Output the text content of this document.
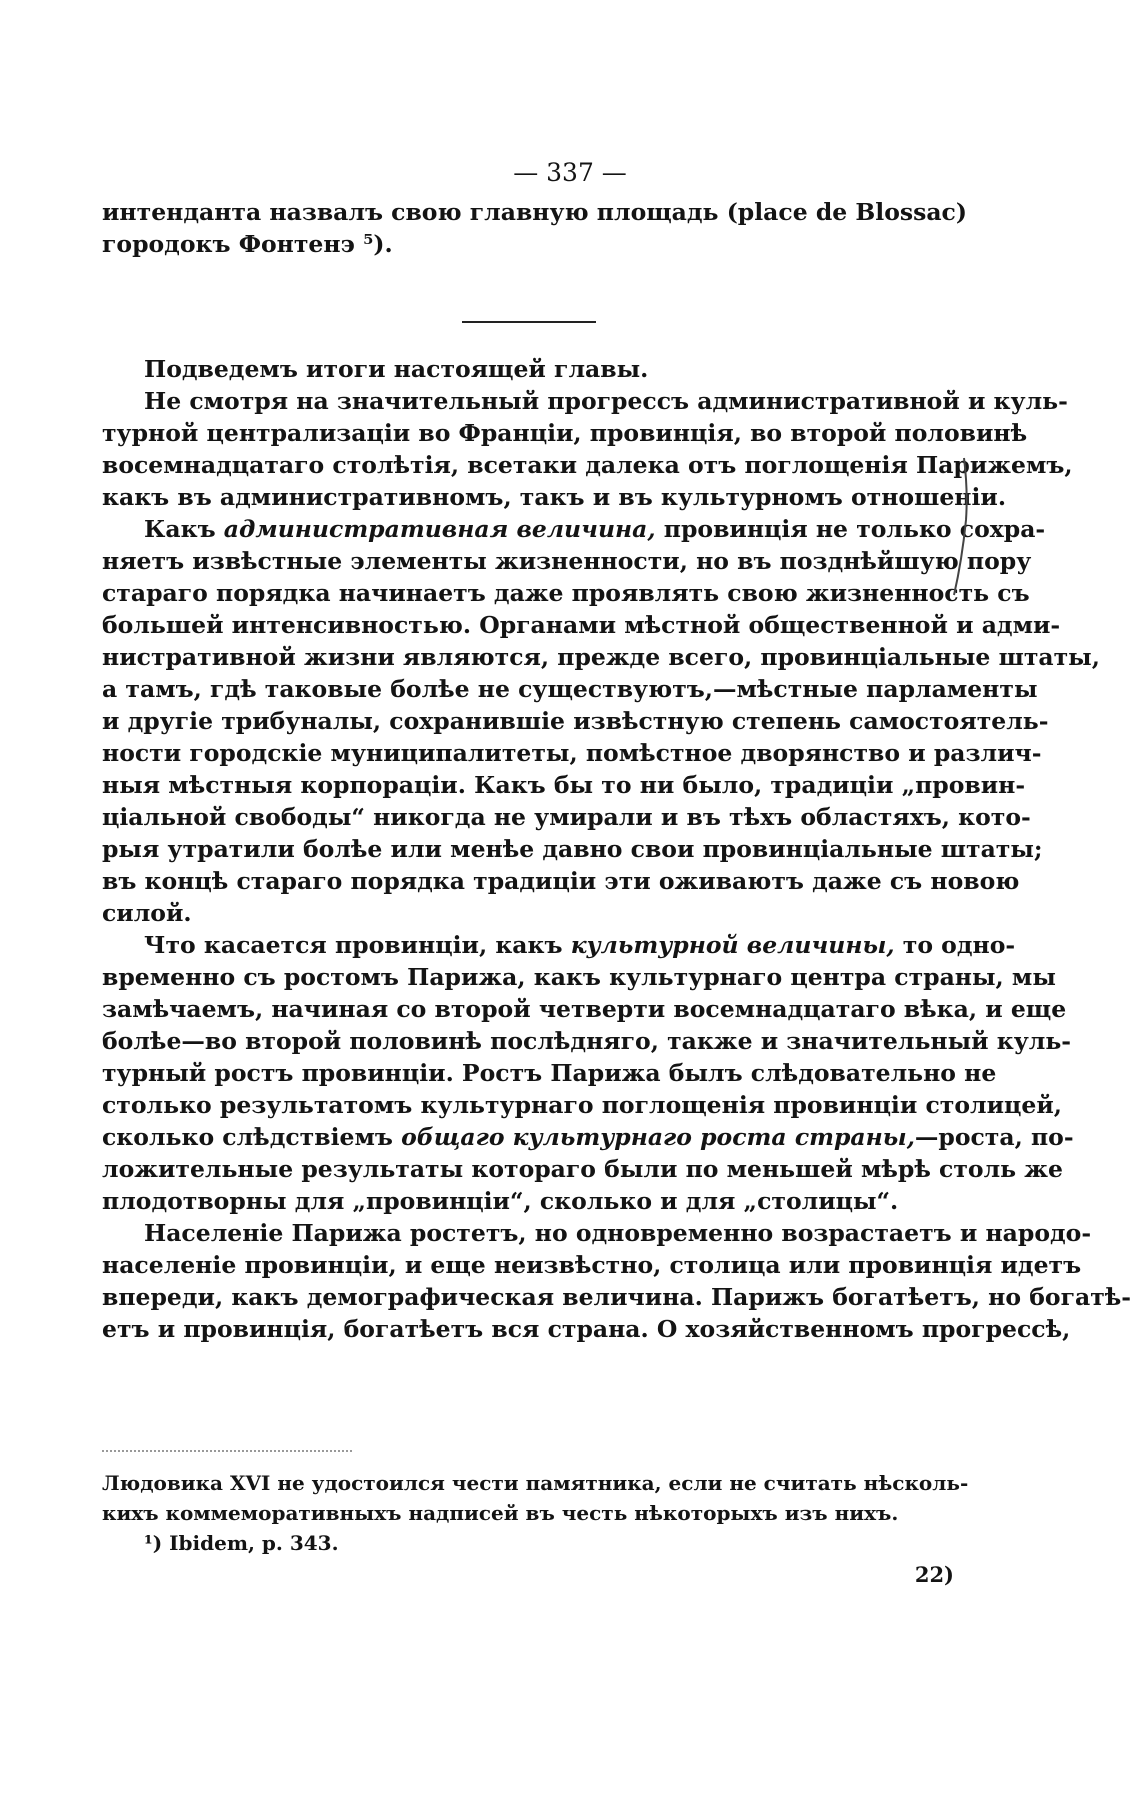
— 337 —

интенданта назвалъ свою главную площадь (place de Blossac)

городокъ Фонтенэ ⁵).

Подведемъ итоги настоящей главы.

Не смотря на значительный прогрессъ административной и куль-

турной централизаціи во Франціи, провинція, во второй половинѣ

восемнадцатаго столѣтія, всетаки далека отъ поглощенія Парижемъ,

какъ въ административномъ, такъ и въ культурномъ отношеніи.

Какъ административная величина, провинція не только сохра-

няетъ извѣстные элементы жизненности, но въ позднѣйшую пору

стараго порядка начинаетъ даже проявлять свою жизненность съ

большей интенсивностью. Органами мѣстной общественной и адми-

нистративной жизни являются, прежде всего, провинціальные штаты,

а тамъ, гдѣ таковые болѣе не существуютъ,—мѣстные парламенты

и другіе трибуналы, сохранившіе извѣстную степень самостоятель-

ности городскіе муниципалитеты, помѣстное дворянство и различ-

ныя мѣстныя корпораціи. Какъ бы то ни было, традиціи „провин-

ціальной свободы“ никогда не умирали и въ тѣхъ областяхъ, кото-

рыя утратили болѣе или менѣе давно свои провинціальные штаты;

въ концѣ стараго порядка традиціи эти оживаютъ даже съ новою

силой.

Что касается провинціи, какъ культурной величины, то одно-

временно съ ростомъ Парижа, какъ культурнаго центра страны, мы

замѣчаемъ, начиная со второй четверти восемнадцатаго вѣка, и еще

болѣе—во второй половинѣ послѣдняго, также и значительный куль-

турный ростъ провинціи. Ростъ Парижа былъ слѣдовательно не

столько результатомъ культурнаго поглощенія провинціи столицей,

сколько слѣдствіемъ общаго культурнаго роста страны,—роста, по-

ложительные результаты котораго были по меньшей мѣрѣ столь же

плодотворны для „провинціи“, сколько и для „столицы“.

Населеніе Парижа ростетъ, но одновременно возрастаетъ и народо-

населеніе провинціи, и еще неизвѣстно, столица или провинція идетъ

впереди, какъ демографическая величина. Парижъ богатѣетъ, но богатѣ-

етъ и провинція, богатѣетъ вся страна. О хозяйственномъ прогрессѣ,

Людовика XVI не удостоился чести памятника, если не считать нѣсколь-

кихъ коммеморативныхъ надписей въ честь нѣкоторыхъ изъ нихъ.

¹) Ibidem, p. 343.

22)
